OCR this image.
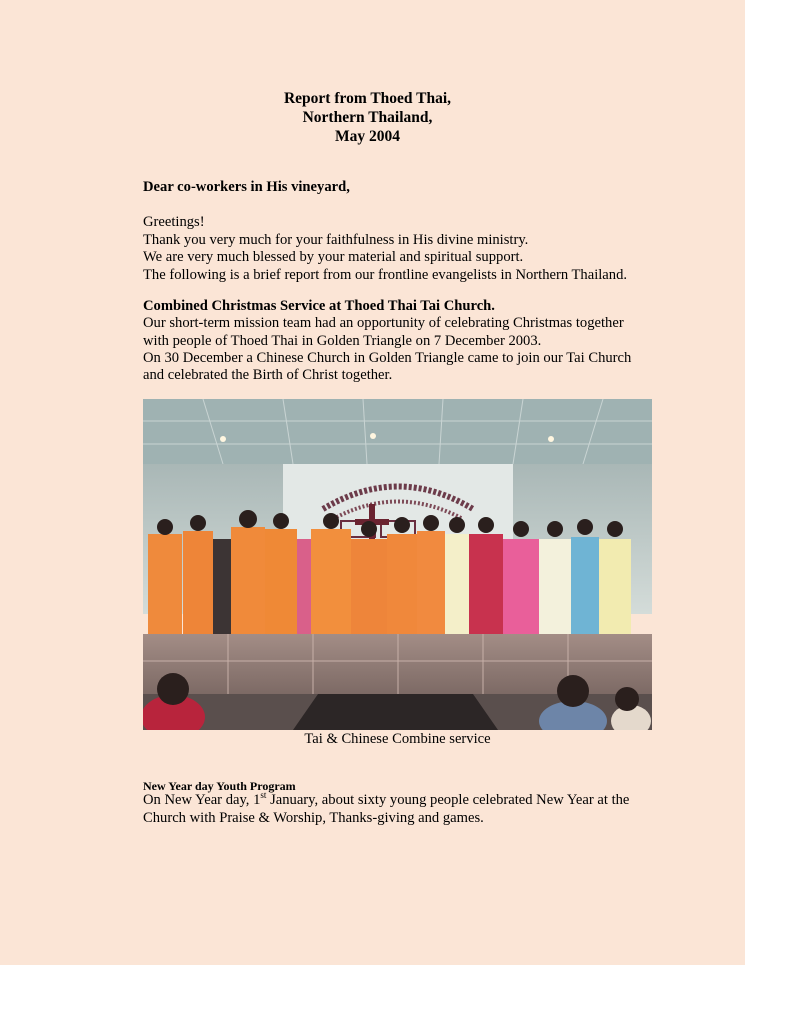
Report from Thoed Thai,
Northern Thailand,
May 2004
Dear co-workers in His vineyard,
Greetings!
Thank you very much for your faithfulness in His divine ministry.
We are very much blessed by your material and spiritual support.
The following is a brief report from our frontline evangelists in Northern Thailand.
Combined Christmas Service at Thoed Thai Tai Church.
Our short-term mission team had an opportunity of celebrating Christmas together
with people of Thoed Thai in Golden Triangle on 7 December 2003.
On 30 December a Chinese Church in Golden Triangle came to join our Tai Church
and celebrated the Birth of Christ together.
Tai & Chinese Combine service
New Year day Youth Program
On New Year day, 1st January, about sixty young people celebrated New Year at the
Church with Praise & Worship, Thanks-giving and games.
